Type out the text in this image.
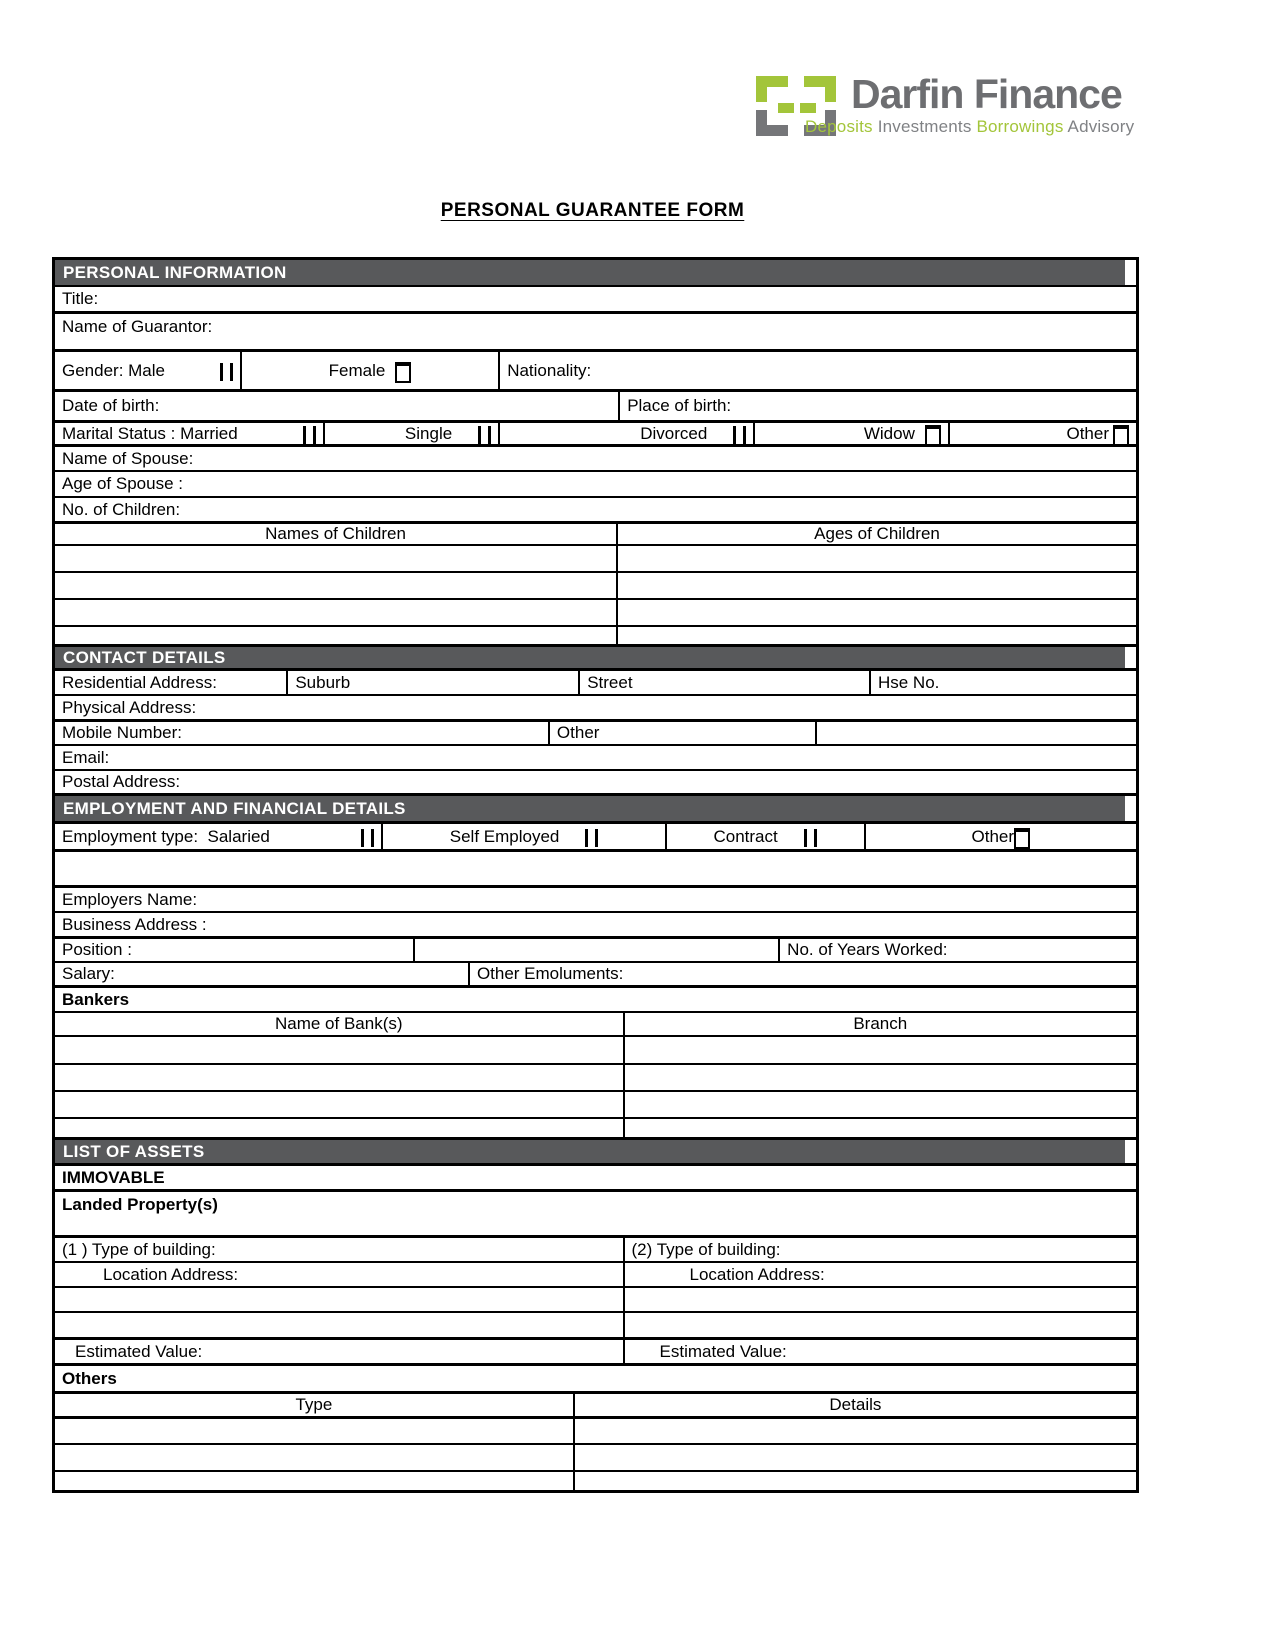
Darfin Finance
Deposits Investments Borrowings Advisory
PERSONAL GUARANTEE FORM
PERSONAL INFORMATION
Title:
Name of Guarantor:
Gender: Male	Female	Nationality:
Date of birth:	Place of birth:
Marital Status : Married	Single	Divorced	Widow	Other
Name of Spouse:
Age of Spouse :
No. of Children:
Names of Children	Ages of Children
CONTACT DETAILS
Residential Address:	Suburb	Street	Hse No.
Physical Address:
Mobile Number:	Other
Email:
Postal Address:
EMPLOYMENT AND FINANCIAL DETAILS
Employment type:  Salaried	Self Employed	Contract	Other
Employers Name:
Business Address :
Position :	No. of Years Worked:
Salary:	Other Emoluments:
Bankers
Name of Bank(s)	Branch
LIST OF ASSETS
IMMOVABLE
Landed Property(s)
(1 ) Type of building:	(2) Type of building:
Location Address:	Location Address:
Estimated Value:	Estimated Value:
Others
Type	Details
